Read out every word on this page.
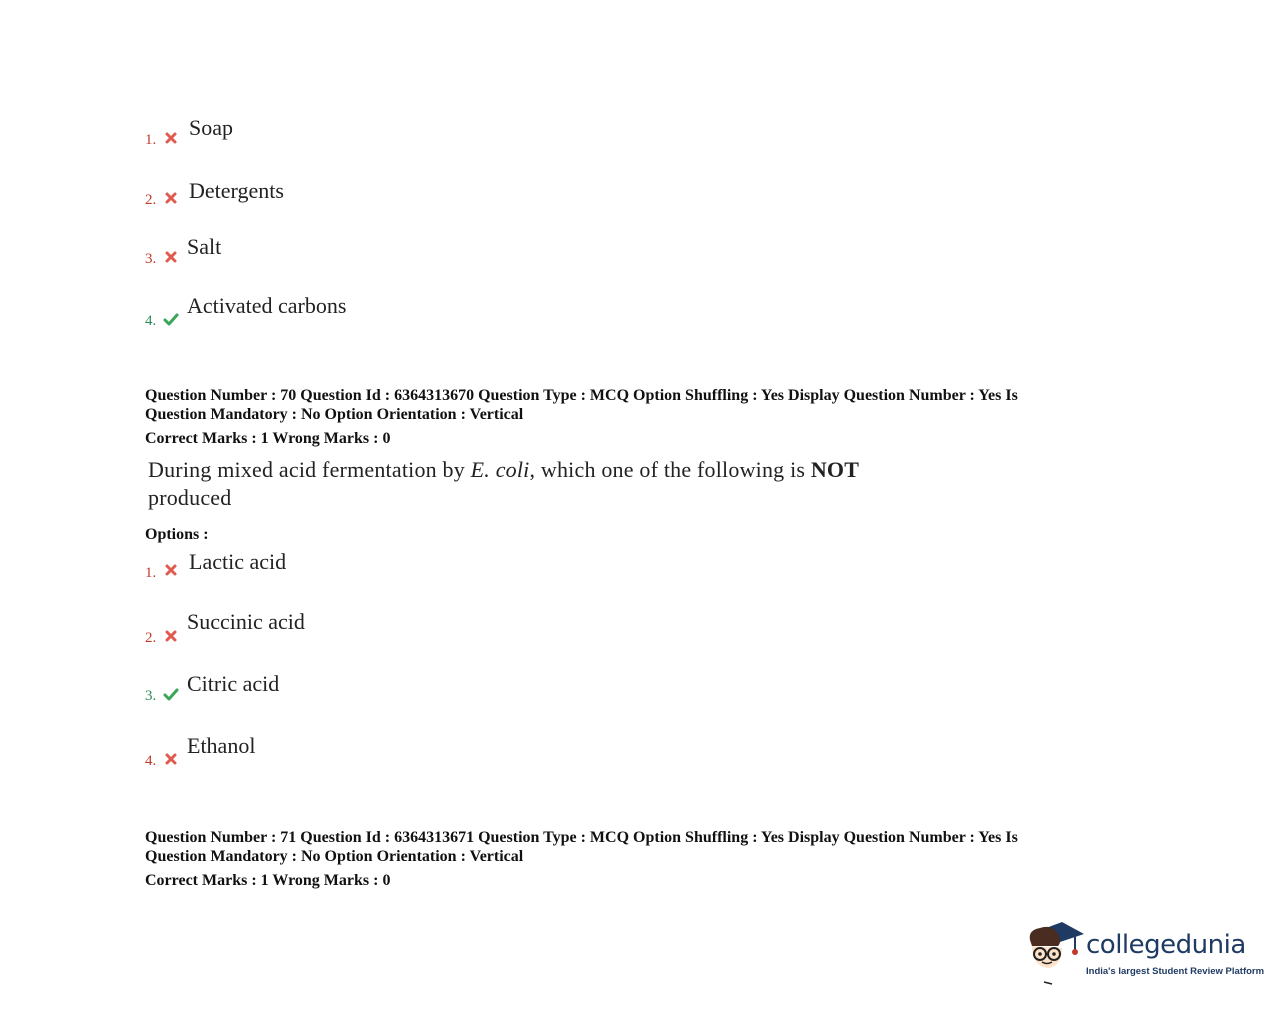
1. Soap
2. Detergents
3. Salt
4.
Activated carbons
Question Number : 70 Question Id : 6364313670 Question Type : MCQ Option Shuffling : Yes Display Question Number : Yes Is
Question Mandatory : No Option Orientation : Vertical
Correct Marks : 1 Wrong Marks : 0
During mixed acid fermentation by E. coli, which one of the following is NOT
produced
Options :
1. Lactic acid
2.
Succinic acid
3. Citric acid
4.
Ethanol
Question Number : 71 Question Id : 6364313671 Question Type : MCQ Option Shuffling : Yes Display Question Number : Yes Is
Question Mandatory : No Option Orientation : Vertical
Correct Marks : 1 Wrong Marks : 0
collegedunia
India's largest Student Review Platform
